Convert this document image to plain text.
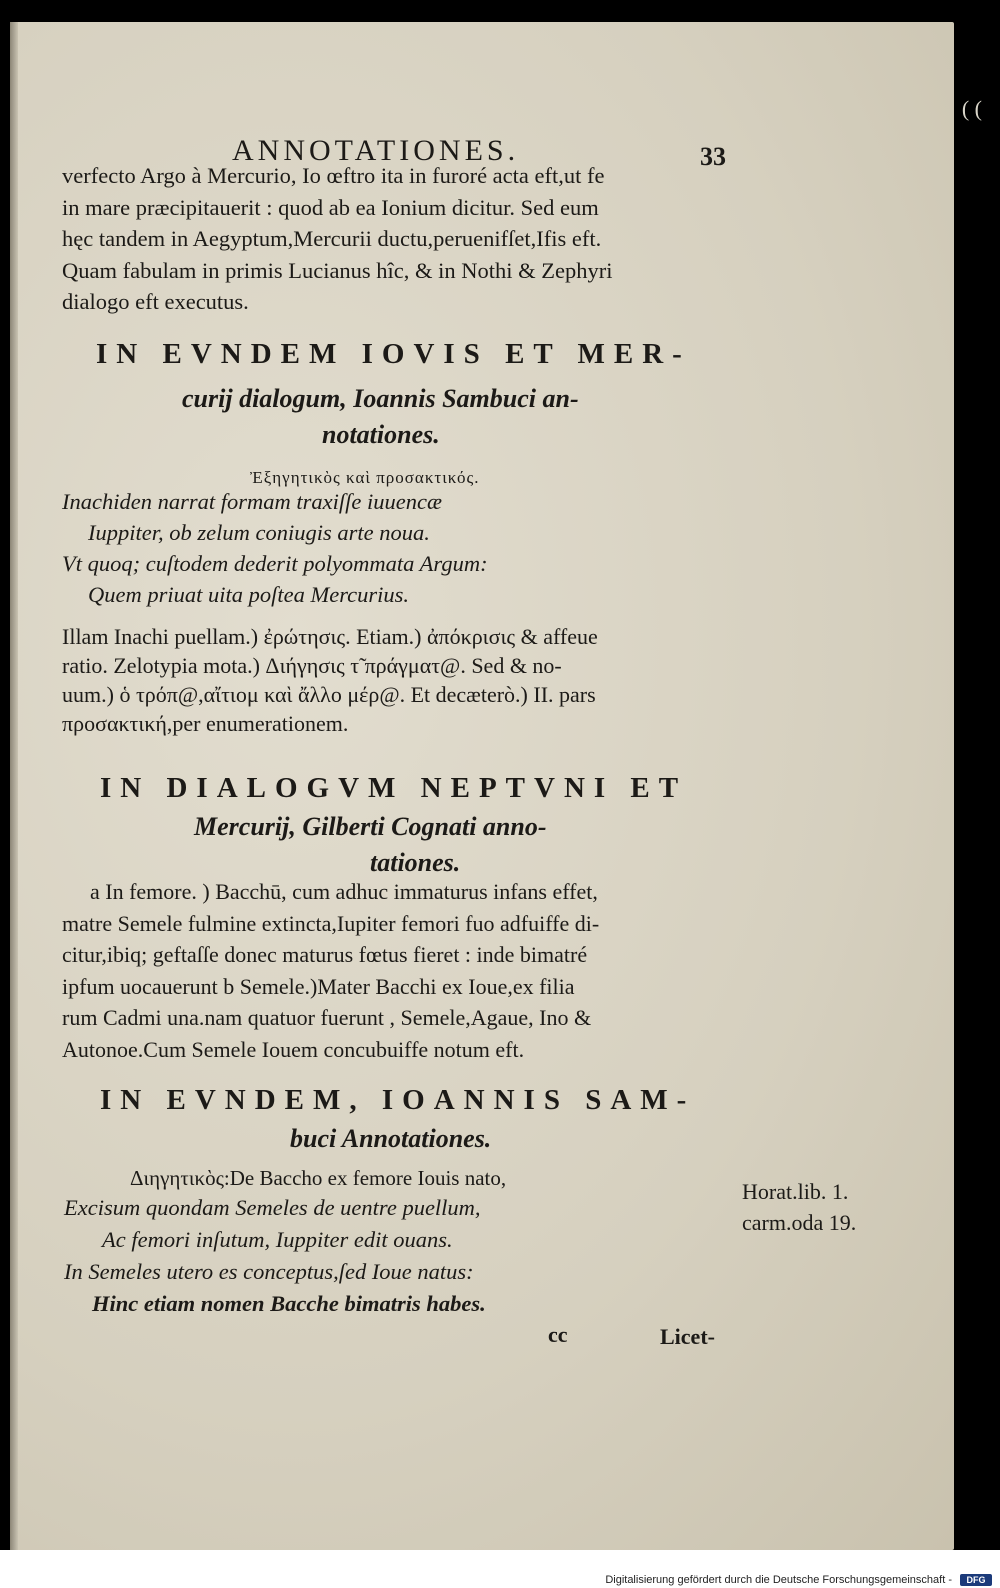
( (
ANNOTATIONES.	33
verfecto Argo à Mercurio, Io œftro ita in furoré acta eft,ut fe
in mare præcipitauerit : quod ab ea Ionium dicitur. Sed eum
hęc tandem in Aegyptum,Mercurii ductu,peruenifſet,Ifis eft.
Quam fabulam in primis Lucianus hîc, & in Nothi & Zephyri
dialogo eft executus.
IN EVNDEM IOVIS ET MER-
curij dialogum, Ioannis Sambuci an-
notationes.
Ἐξηγητικὸς καὶ προσακτικός.
Inachiden narrat formam traxiſſe iuuencæ
Iuppiter, ob zelum coniugis arte noua.
Vt quoq; cuſtodem dederit polyommata Argum:
Quem priuat uita poſtea Mercurius.
Illam Inachi puellam.) ἐρώτησις. Etiam.) ἀπόκρισις & affeue
ratio. Zelotypia mota.) Διήγησις τ̃ πράγματ@. Sed & no-
uum.) ὁ τρόπ@,αἴτιομ καὶ ἄλλο μέρ@. Et decæterò.) II. pars
προσακτική,per enumerationem.
IN DIALOGVM NEPTVNI ET
Mercurij, Gilberti Cognati anno-
tationes.
a In femore. ) Bacchū, cum adhuc immaturus infans effet,
matre Semele fulmine extincta,Iupiter femori fuo adfuiffe di-
citur,ibiq; geftaſſe donec maturus fœtus fieret : inde bimatré
ipfum uocauerunt b Semele.)Mater Bacchi ex Ioue,ex filia
rum Cadmi una.nam quatuor fuerunt , Semele,Agaue, Ino &
Autonoe.Cum Semele Iouem concubuiffe notum eft.
IN EVNDEM, IOANNIS SAM-
buci Annotationes.
Διηγητικὸς:De Baccho ex femore Iouis nato,
Excisum quondam Semeles de uentre puellum,
Ac femori inſutum, Iuppiter edit ouans.
In Semeles utero es conceptus,ſed Ioue natus:
Hinc etiam nomen Bacche bimatris habes.
Horat.lib. 1.
carm.oda 19.
cc	Licet-
Digitalisierung gefördert durch die Deutsche Forschungsgemeinschaft -	DFG
